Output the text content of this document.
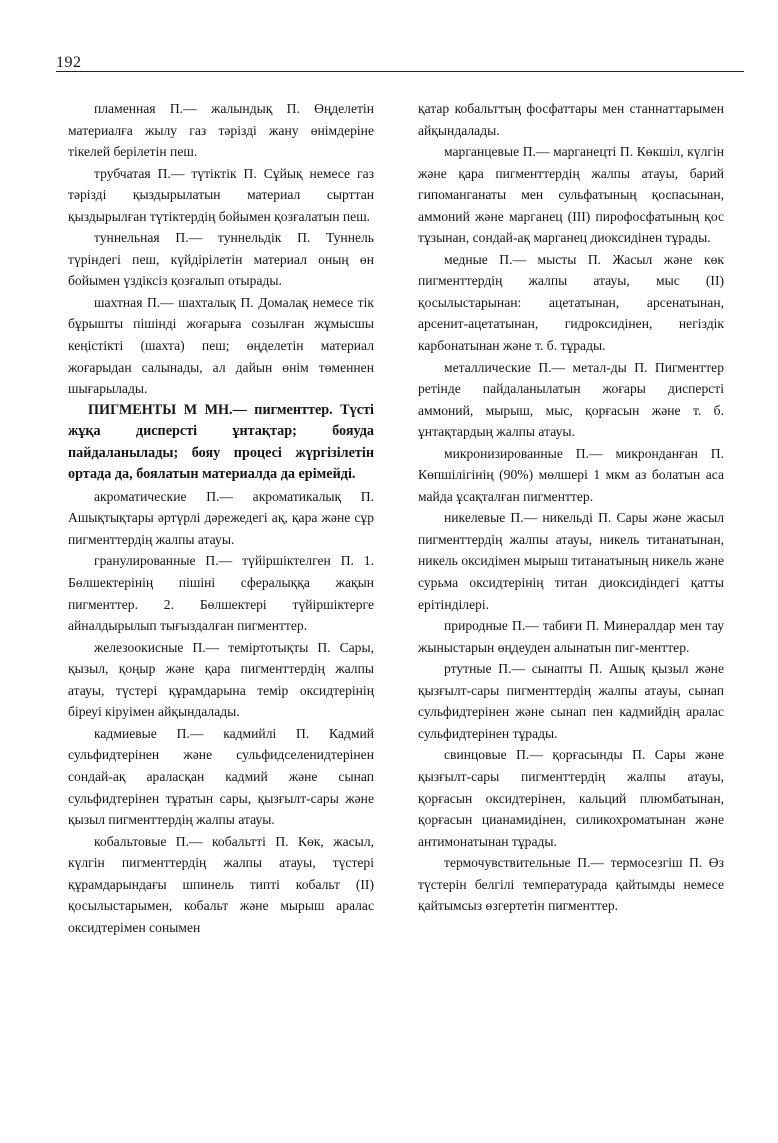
192

пламенная П.— жалындық П. Өңделетін материалға жылу газ тәрізді жану өнімдеріне тікелей берілетін пеш.

трубчатая П.— түтіктік П. Сұйық немесе газ тәрізді қыздырылатын материал сырттан қыздырылған түтіктердің бойымен қозғалатын пеш.

туннельная П.— туннельдік П. Туннель түріндегі пеш, күйдірілетін материал оның өн бойымен үздіксіз қозғалып отырады.

шахтная П.— шахталық П. Домалақ немесе тік бұрышты пішінді жоғарыға созылған жұмысшы кеңістікті (шахта) пеш; өңделетін материал жоғарыдан салынады, ал дайын өнім төменнен шығарылады.

ПИГМЕНТЫ М МН.— пигменттер. Түсті жұқа дисперсті ұнтақтар; бояуда пайдаланылады; бояу процесі жүргізілетін ортада да, боялатын материалда да ерімейді.

акроматические П.— акроматикалық П. Ашықтықтары әртүрлі дәрежедегі ақ, қара және сұр пигменттердің жалпы атауы.

гранулированные П.— түйіршіктелген П. 1. Бөлшектерінің пішіні сфералыққа жақын пигменттер. 2. Бөлшектері түйіршіктерге айналдырылып тығыздалған пигменттер.

железоокисные П.— теміртотықты П. Сары, қызыл, қоңыр және қара пигменттердің жалпы атауы, түстері құрамдарына темір оксидтерінің біреуі кіруімен айқындалады.

кадмиевые П.— кадмийлі П. Кадмий сульфидтерінен және сульфидселенидтерінен сондай-ақ араласқан кадмий және сынап сульфидтерінен тұратын сары, қызғылт-сары және қызыл пигменттердің жалпы атауы.

кобальтовые П.— кобальтті П. Көк, жасыл, күлгін пигменттердің жалпы атауы, түстері құрамдарындағы шпинель типті кобальт (II) қосылыстарымен, кобальт және мырыш аралас оксидтерімен сонымен

қатар кобальттың фосфаттары мен станнаттарымен айқындалады.

марганцевые П.— марганецті П. Көкшіл, күлгін және қара пигменттердің жалпы атауы, барий гипоманганаты мен сульфатының қоспасынан, аммоний және марганец (III) пирофосфатының қос тұзынан, сондай-ақ марганец диоксидінен тұрады.

медные П.— мысты П. Жасыл және көк пигменттердің жалпы атауы, мыс (II) қосылыстарынан: ацетатынан, арсенатынан, арсенит-ацетатынан, гидроксидінен, негіздік карбонатынан және т. б. тұрады.

металлические П.— метал-ды П. Пигменттер ретінде пайдаланылатын жоғары дисперсті аммоний, мырыш, мыс, қорғасын және т. б. ұнтақтардың жалпы атауы.

микронизированные П.— микронданған П. Көпшілігінің (90%) мөлшері 1 мкм аз болатын аса майда ұсақталған пигменттер.

никелевые П.— никельді П. Сары және жасыл пигменттердің жалпы атауы, никель титанатынан, никель оксидімен мырыш титанатының никель және сурьма оксидтерінің титан диоксидіндегі қатты ерітінділері.

природные П.— табиғи П. Минералдар мен тау жыныстарын өңдеуден алынатын пиг-менттер.

ртутные П.— сынапты П. Ашық қызыл және қызғылт-сары пигменттердің жалпы атауы, сынап сульфидтерінен және сынап пен кадмийдің аралас сульфидтерінен тұрады.

свинцовые П.— қорғасынды П. Сары және қызғылт-сары пигменттердің жалпы атауы, қорғасын оксидтерінен, кальций плюмбатынан, қорғасын цианамидінен, силикохроматынан және антимонатынан тұрады.

термочувствительные П.— термосезгіш П. Өз түстерін белгілі температурада қайтымды немесе қайтымсыз өзгертетін пигменттер.
